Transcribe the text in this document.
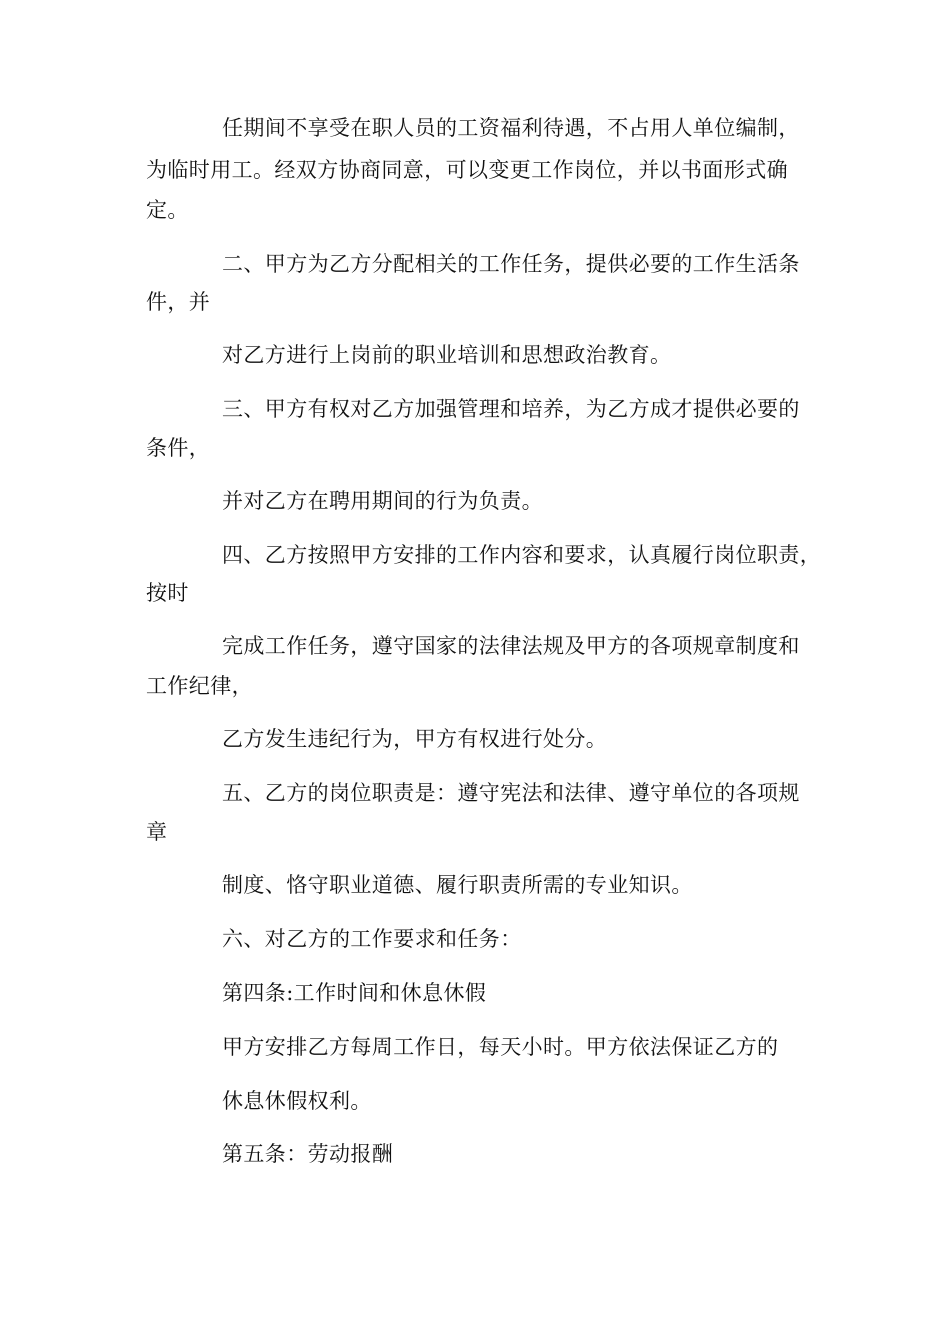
任期间不享受在职人员的工资福利待遇，不占用人单位编制，
为临时用工。经双方协商同意，可以变更工作岗位，并以书面形式确
定。
二、甲方为乙方分配相关的工作任务，提供必要的工作生活条
件，并
对乙方进行上岗前的职业培训和思想政治教育。
三、甲方有权对乙方加强管理和培养，为乙方成才提供必要的
条件，
并对乙方在聘用期间的行为负责。
四、乙方按照甲方安排的工作内容和要求，认真履行岗位职责，
按时
完成工作任务，遵守国家的法律法规及甲方的各项规章制度和
工作纪律，
乙方发生违纪行为，甲方有权进行处分。
五、乙方的岗位职责是：遵守宪法和法律、遵守单位的各项规
章
制度、恪守职业道德、履行职责所需的专业知识。
六、对乙方的工作要求和任务：
第四条:工作时间和休息休假
甲方安排乙方每周工作日，每天小时。甲方依法保证乙方的
休息休假权利。
第五条：劳动报酬
